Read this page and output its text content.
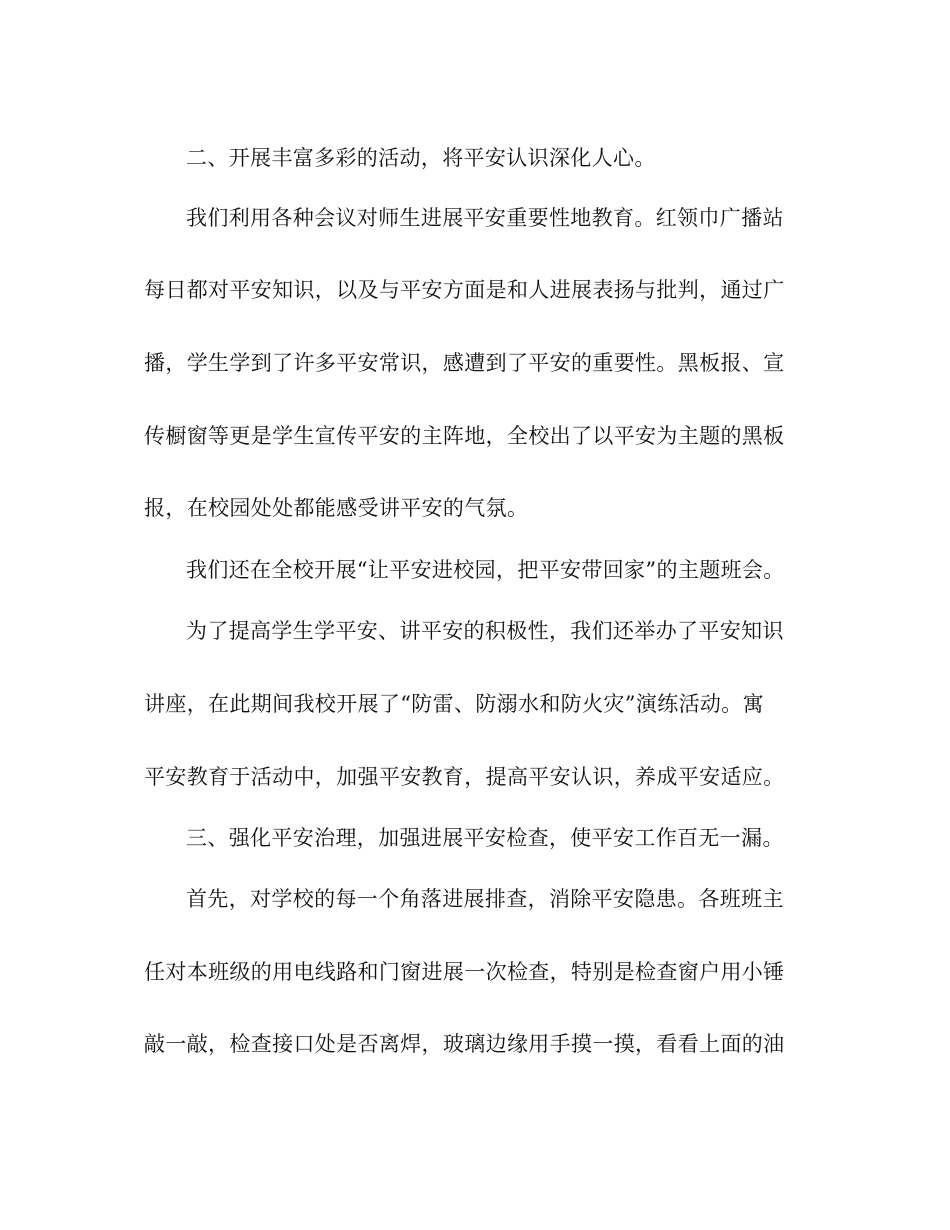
二、开展丰富多彩的活动，将平安认识深化人心。
我们利用各种会议对师生进展平安重要性地教育。红领巾广播站
每日都对平安知识，以及与平安方面是和人进展表扬与批判，通过广
播，学生学到了许多平安常识，感遭到了平安的重要性。黑板报、宣
传橱窗等更是学生宣传平安的主阵地，全校出了以平安为主题的黑板
报，在校园处处都能感受讲平安的气氛。
我们还在全校开展“让平安进校园，把平安带回家”的主题班会。
为了提高学生学平安、讲平安的积极性，我们还举办了平安知识
讲座，在此期间我校开展了“防雷、防溺水和防火灾”演练活动。寓
平安教育于活动中，加强平安教育，提高平安认识，养成平安适应。
三、强化平安治理，加强进展平安检查，使平安工作百无一漏。
首先，对学校的每一个角落进展排查，消除平安隐患。各班班主
任对本班级的用电线路和门窗进展一次检查，特别是检查窗户用小锤
敲一敲，检查接口处是否离焊，玻璃边缘用手摸一摸，看看上面的油
